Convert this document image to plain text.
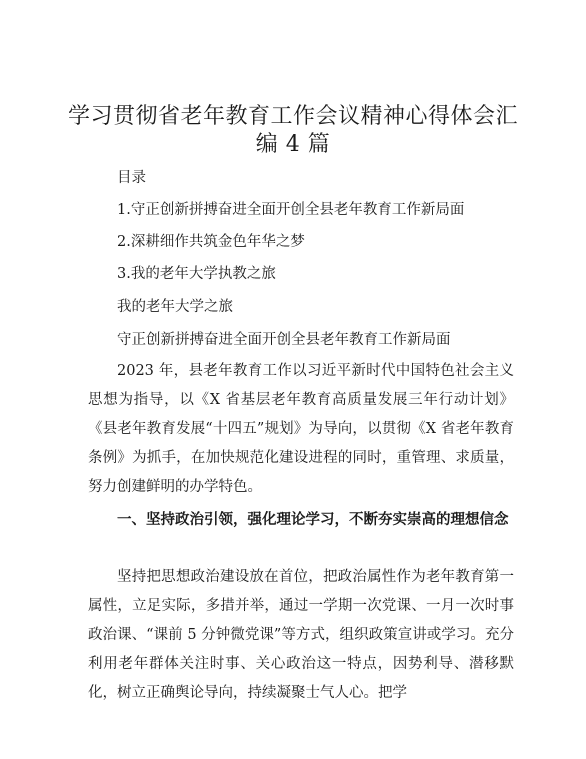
学习贯彻省老年教育工作会议精神心得体会汇
编 4 篇
目录
1.守正创新拼搏奋进全面开创全县老年教育工作新局面
2.深耕细作共筑金色年华之梦
3.我的老年大学执教之旅
我的老年大学之旅
守正创新拼搏奋进全面开创全县老年教育工作新局面
2023 年，县老年教育工作以习近平新时代中国特色社会主义思想为指导，以《X 省基层老年教育高质量发展三年行动计划》《县老年教育发展“十四五”规划》为导向，以贯彻《X 省老年教育条例》为抓手，在加快规范化建设进程的同时，重管理、求质量，努力创建鲜明的办学特色。
一、坚持政治引领，强化理论学习，不断夯实崇高的理想信念
坚持把思想政治建设放在首位，把政治属性作为老年教育第一属性，立足实际，多措并举，通过一学期一次党课、一月一次时事政治课、“课前 5 分钟微党课”等方式，组织政策宣讲或学习。充分利用老年群体关注时事、关心政治这一特点，因势利导、潜移默化，树立正确舆论导向，持续凝聚士气人心。把学
